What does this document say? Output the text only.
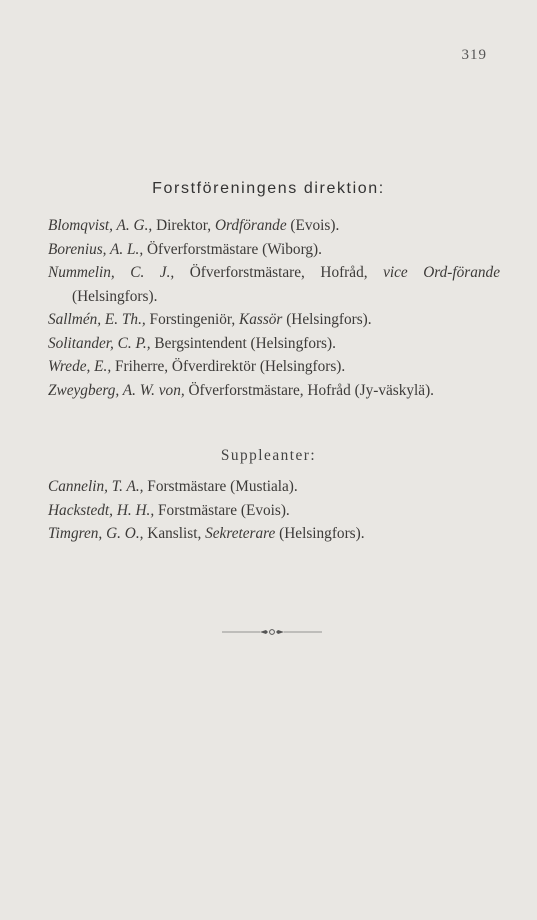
319
Forstföreningens direktion:

Blomqvist, A. G., Direktor, Ordförande (Evois).

Borenius, A. L., Öfverforstmästare (Wiborg).

Nummelin, C. J., Öfverforstmästare, Hofråd, vice Ord-förande (Helsingfors).

Sallmén, E. Th., Forstingeniör, Kassör (Helsingfors).

Solitander, C. P., Bergsintendent (Helsingfors).

Wrede, E., Friherre, Öfverdirektör (Helsingfors).

Zweygberg, A. W. von, Öfverforstmästare, Hofråd (Jy-väskylä).

Suppleanter:

Cannelin, T. A., Forstmästare (Mustiala).

Hackstedt, H. H., Forstmästare (Evois).

Timgren, G. O., Kanslist, Sekreterare (Helsingfors).
